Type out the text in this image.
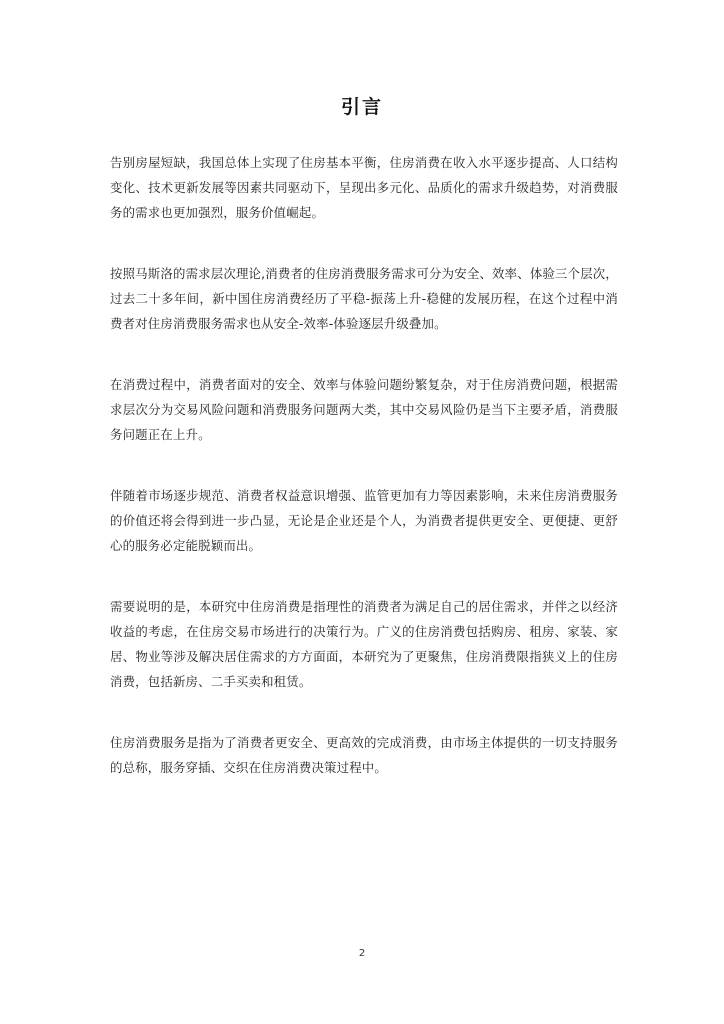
引言

告别房屋短缺，我国总体上实现了住房基本平衡，住房消费在收入水平逐步提高、人口结构变化、技术更新发展等因素共同驱动下，呈现出多元化、品质化的需求升级趋势，对消费服务的需求也更加强烈，服务价值崛起。

按照马斯洛的需求层次理论,消费者的住房消费服务需求可分为安全、效率、体验三个层次，过去二十多年间，新中国住房消费经历了平稳-振荡上升-稳健的发展历程，在这个过程中消费者对住房消费服务需求也从安全-效率-体验逐层升级叠加。

在消费过程中，消费者面对的安全、效率与体验问题纷繁复杂，对于住房消费问题，根据需求层次分为交易风险问题和消费服务问题两大类，其中交易风险仍是当下主要矛盾，消费服务问题正在上升。

伴随着市场逐步规范、消费者权益意识增强、监管更加有力等因素影响，未来住房消费服务的价值还将会得到进一步凸显，无论是企业还是个人，为消费者提供更安全、更便捷、更舒心的服务必定能脱颖而出。

需要说明的是，本研究中住房消费是指理性的消费者为满足自己的居住需求，并伴之以经济收益的考虑，在住房交易市场进行的决策行为。广义的住房消费包括购房、租房、家装、家居、物业等涉及解决居住需求的方方面面，本研究为了更聚焦，住房消费限指狭义上的住房消费，包括新房、二手买卖和租赁。

住房消费服务是指为了消费者更安全、更高效的完成消费，由市场主体提供的一切支持服务的总称，服务穿插、交织在住房消费决策过程中。

2
